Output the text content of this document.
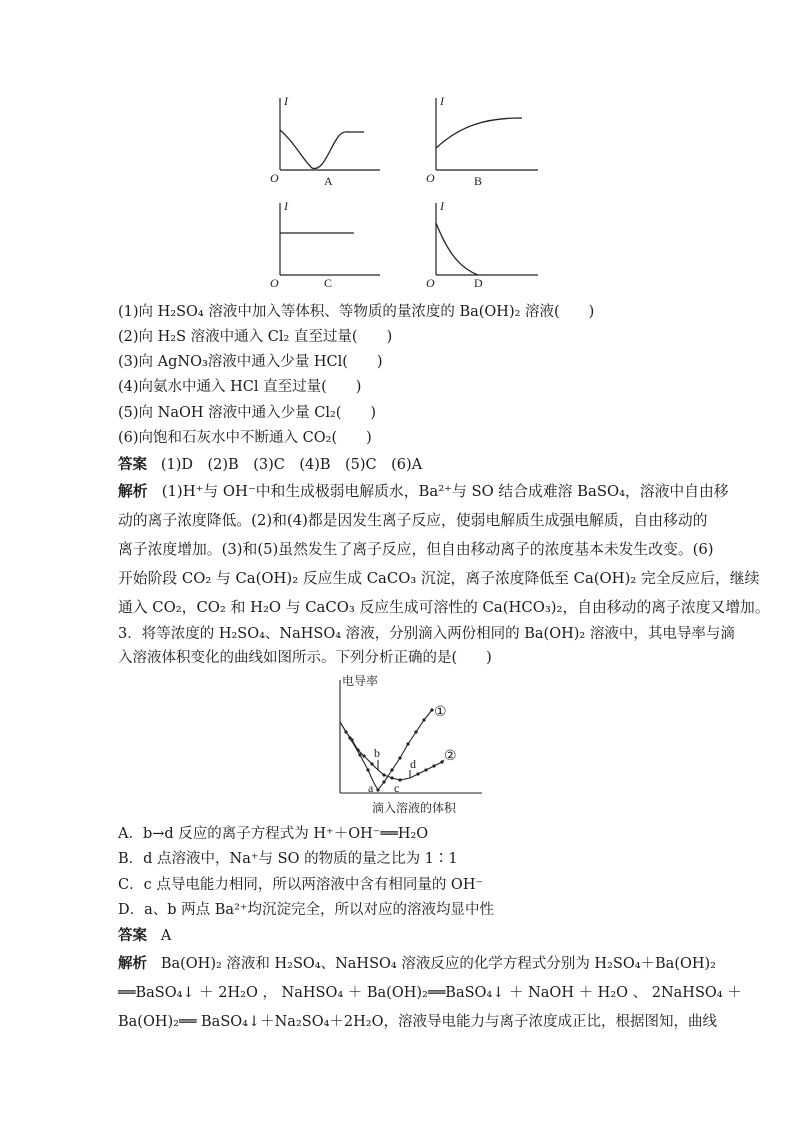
I
O
I
O
I
O
I
O
A	B
C	D
(1)向 H₂SO₄ 溶液中加入等体积、等物质的量浓度的 Ba(OH)₂ 溶液(　　)
(2)向 H₂S 溶液中通入 Cl₂ 直至过量(　　)
(3)向 AgNO₃溶液中通入少量 HCl(　　)
(4)向氨水中通入 HCl 直至过量(　　)
(5)向 NaOH 溶液中通入少量 Cl₂(　　)
(6)向饱和石灰水中不断通入 CO₂(　　)
答案 (1)D　(2)B　(3)C　(4)B　(5)C　(6)A
解析 (1)H⁺与 OH⁻中和生成极弱电解质水，Ba²⁺与 SO 结合成难溶 BaSO₄，溶液中自由移
动的离子浓度降低。(2)和(4)都是因发生离子反应，使弱电解质生成强电解质，自由移动的
离子浓度增加。(3)和(5)虽然发生了离子反应，但自由移动离子的浓度基本未发生改变。(6)
开始阶段 CO₂ 与 Ca(OH)₂ 反应生成 CaCO₃ 沉淀，离子浓度降低至 Ca(OH)₂ 完全反应后，继续
通入 CO₂，CO₂ 和 H₂O 与 CaCO₃ 反应生成可溶性的 Ca(HCO₃)₂，自由移动的离子浓度又增加。
3．将等浓度的 H₂SO₄、NaHSO₄ 溶液，分别滴入两份相同的 Ba(OH)₂ 溶液中，其电导率与滴
入溶液体积变化的曲线如图所示。下列分析正确的是(　　)
电导率
滴入溶液的体积
①
②
a
b
c
d
A．b→d 反应的离子方程式为 H⁺＋OH⁻══H₂O
B．d 点溶液中，Na⁺与 SO 的物质的量之比为 1∶1
C．c 点导电能力相同，所以两溶液中含有相同量的 OH⁻
D．a、b 两点 Ba²⁺均沉淀完全，所以对应的溶液均显中性
答案 A
解析 Ba(OH)₂ 溶液和 H₂SO₄、NaHSO₄ 溶液反应的化学方程式分别为 H₂SO₄＋Ba(OH)₂
══BaSO₄↓ ＋ 2H₂O ， NaHSO₄ ＋ Ba(OH)₂══BaSO₄↓ ＋ NaOH ＋ H₂O 、 2NaHSO₄ ＋
Ba(OH)₂══ BaSO₄↓＋Na₂SO₄＋2H₂O，溶液导电能力与离子浓度成正比，根据图知，曲线
